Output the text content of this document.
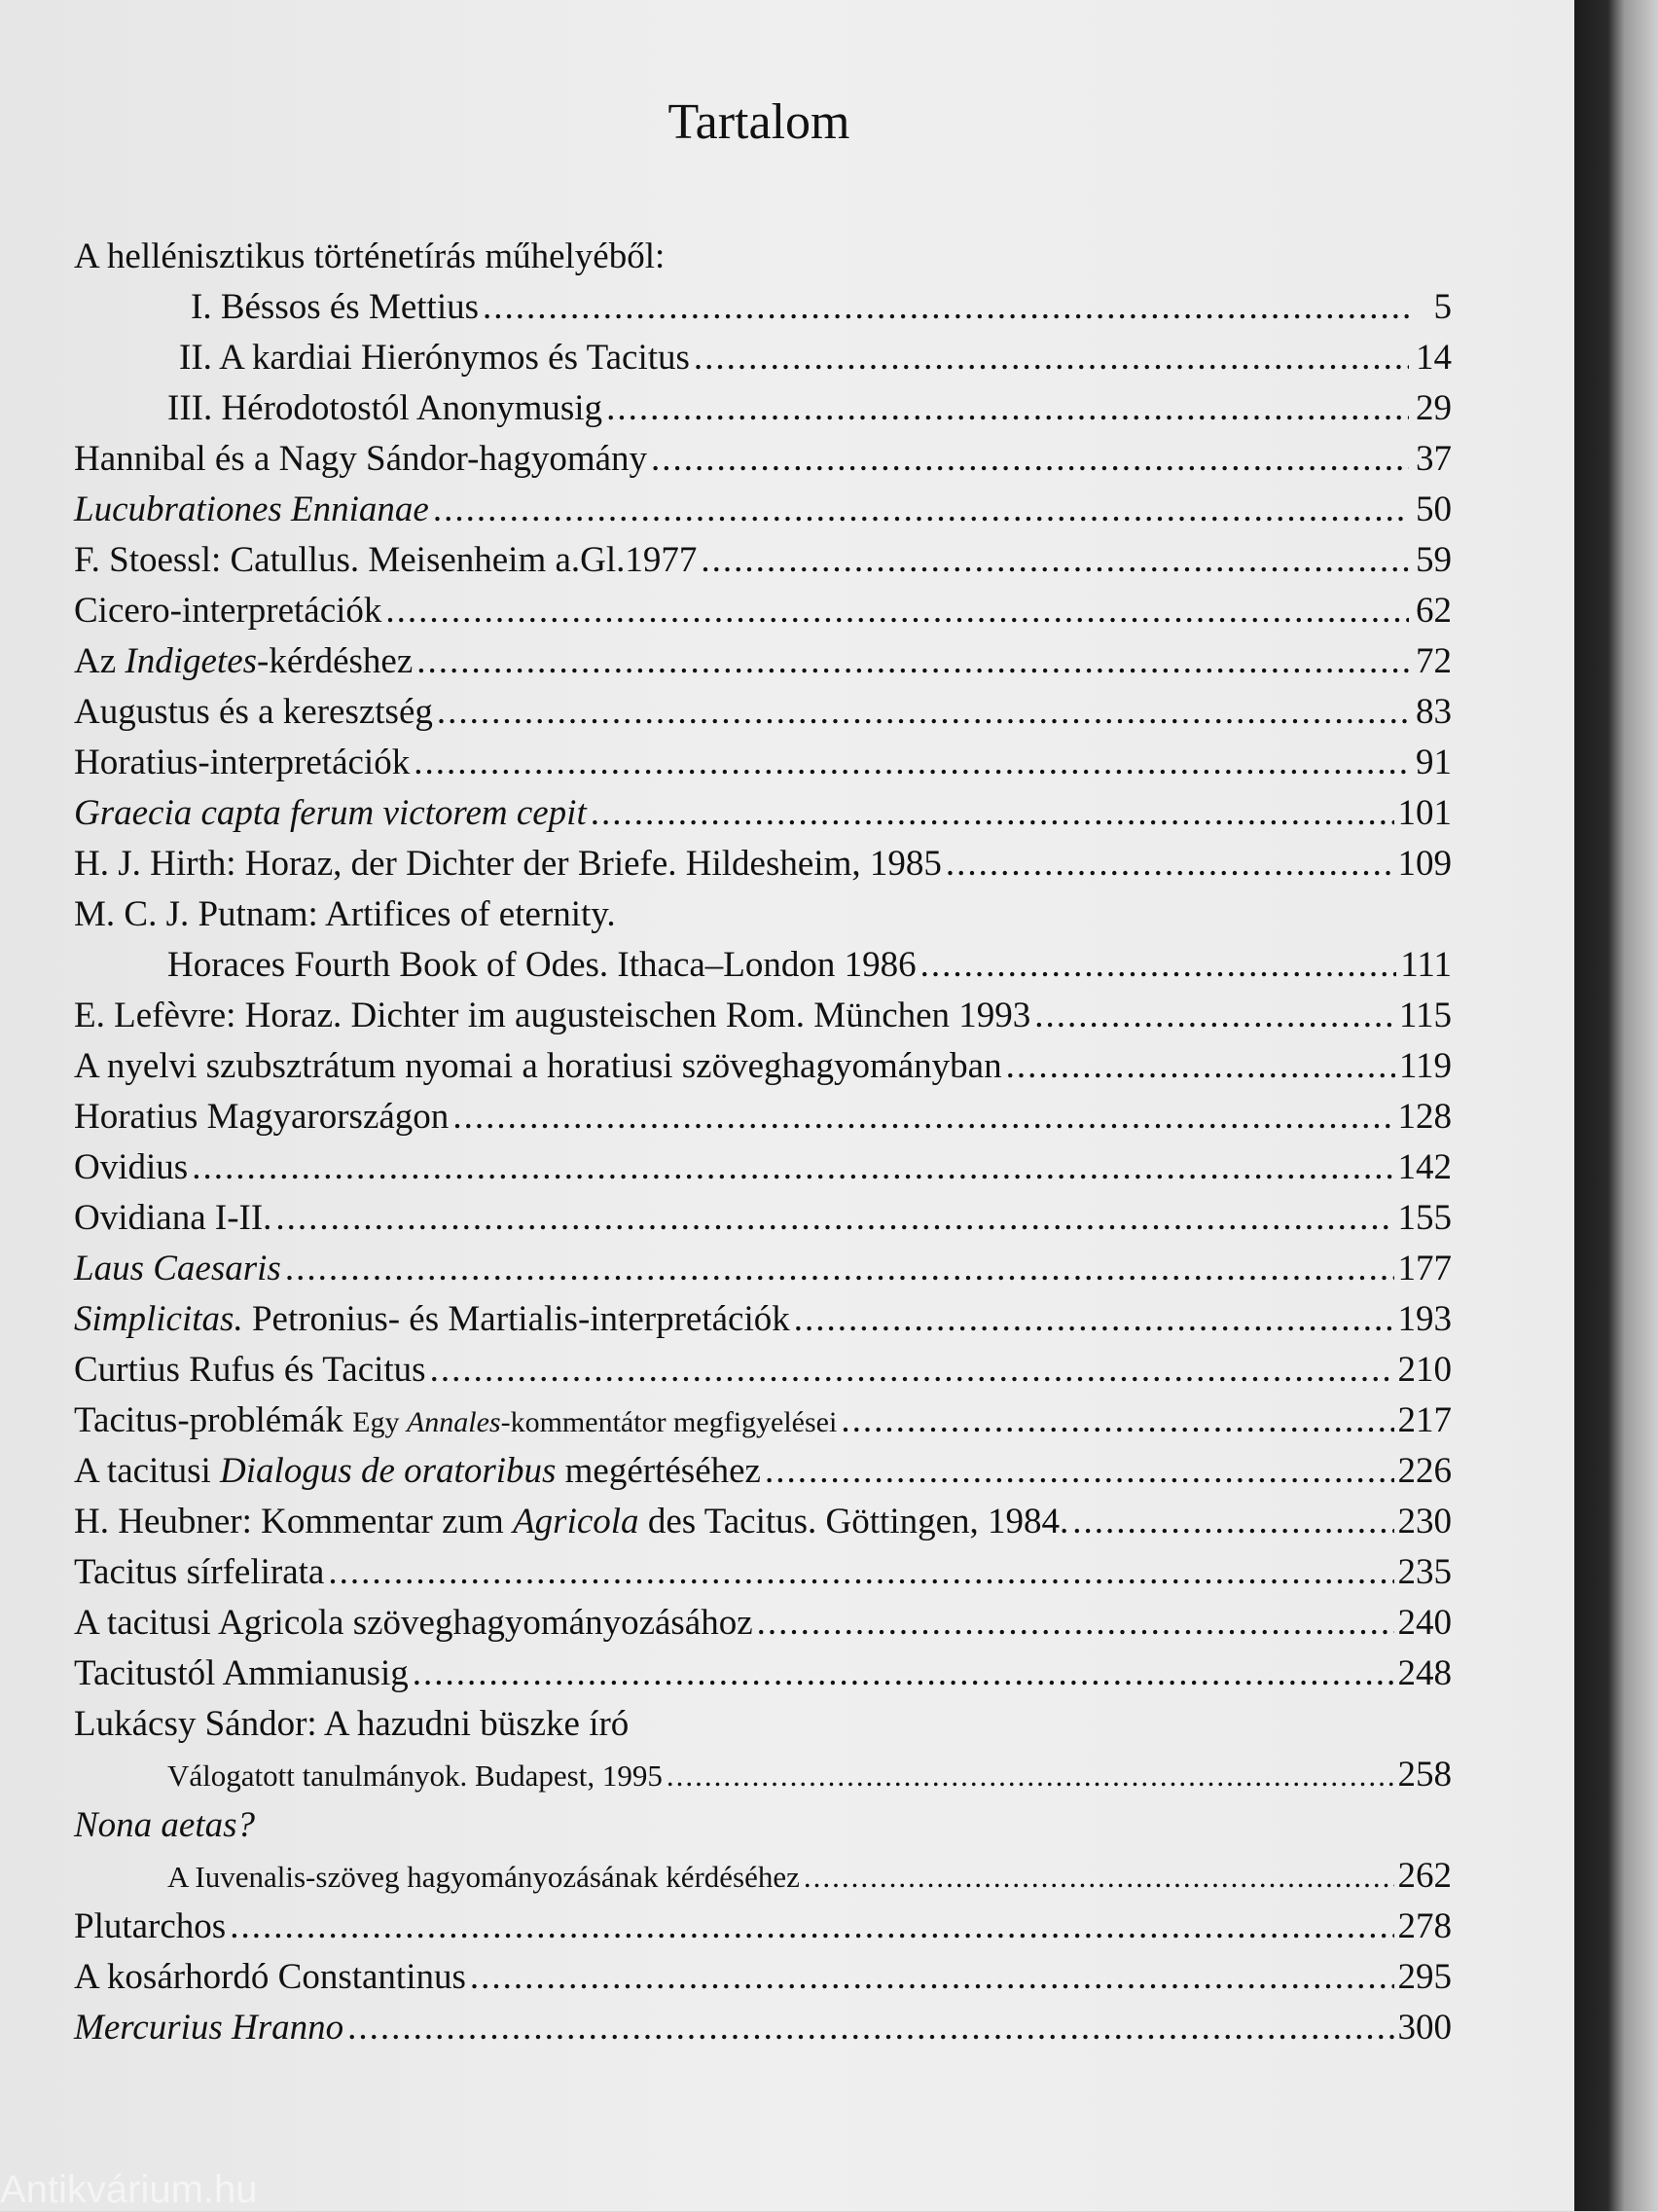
Tartalom
A hellénisztikus történetírás műhelyéből:
I. Béssos és Mettius .....	5
II. A kardiai Hierónymos és Tacitus .....	14
III. Hérodotostól Anonymusig .....	29
Hannibal és a Nagy Sándor-hagyomány .....	37
Lucubrationes Ennianae .....	50
F. Stoessl: Catullus. Meisenheim a.Gl.1977 .....	59
Cicero-interpretációk .....	62
Az Indigetes-kérdéshez .....	72
Augustus és a keresztség .....	83
Horatius-interpretációk .....	91
Graecia capta ferum victorem cepit .....	101
H. J. Hirth: Horaz, der Dichter der Briefe. Hildesheim, 1985 .....	109
M. C. J. Putnam: Artifices of eternity.
Horaces Fourth Book of Odes. Ithaca–London 1986 .....	111
E. Lefèvre: Horaz. Dichter im augusteischen Rom. München 1993 .....	115
A nyelvi szubsztrátum nyomai a horatiusi szöveghagyományban .....	119
Horatius Magyarországon .....	128
Ovidius .....	142
Ovidiana I-II. .....	155
Laus Caesaris .....	177
Simplicitas. Petronius- és Martialis-interpretációk .....	193
Curtius Rufus és Tacitus .....	210
Tacitus-problémák Egy Annales-kommentátor megfigyelései .....	217
A tacitusi Dialogus de oratoribus megértéséhez .....	226
H. Heubner: Kommentar zum Agricola des Tacitus. Göttingen, 1984. .....	230
Tacitus sírfelirata .....	235
A tacitusi Agricola szöveghagyományozásához .....	240
Tacitustól Ammianusig .....	248
Lukácsy Sándor: A hazudni büszke író
Válogatott tanulmányok. Budapest, 1995 .....	258
Nona aetas?
A Iuvenalis-szöveg hagyományozásának kérdéséhez .....	262
Plutarchos .....	278
A kosárhordó Constantinus .....	295
Mercurius Hranno .....	300
Antikvárium.hu
